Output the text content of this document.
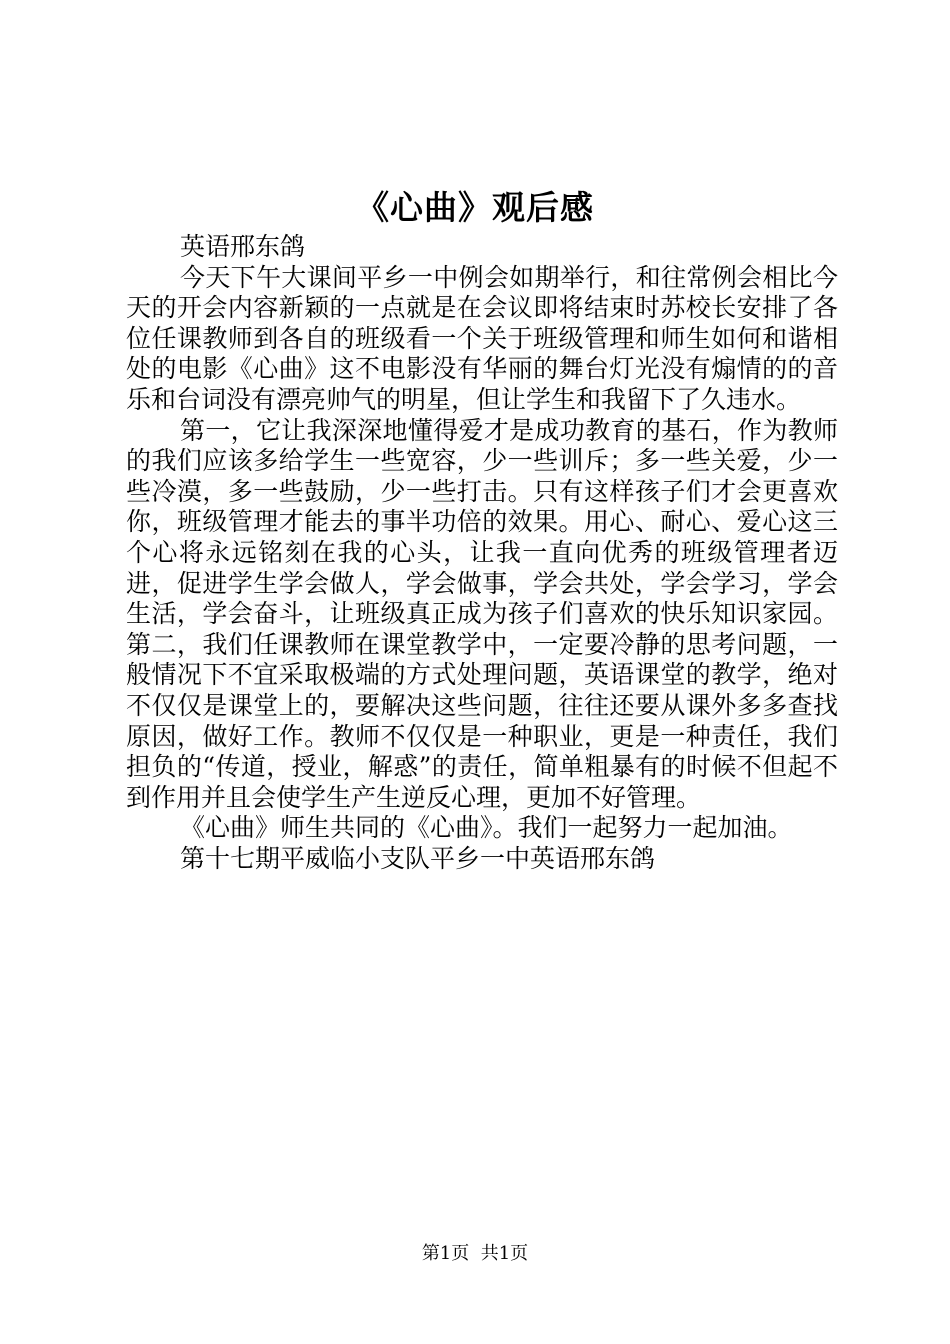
《心曲》观后感

英语邢东鸽

今天下午大课间平乡一中例会如期举行，和往常例会相比今天的开会内容新颖的一点就是在会议即将结束时苏校长安排了各位任课教师到各自的班级看一个关于班级管理和师生如何和谐相处的电影《心曲》这不电影没有华丽的舞台灯光没有煽情的的音乐和台词没有漂亮帅气的明星，但让学生和我留下了久违水。

第一，它让我深深地懂得爱才是成功教育的基石，作为教师的我们应该多给学生一些宽容，少一些训斥；多一些关爱，少一些冷漠，多一些鼓励，少一些打击。只有这样孩子们才会更喜欢你，班级管理才能去的事半功倍的效果。用心、耐心、爱心这三个心将永远铭刻在我的心头，让我一直向优秀的班级管理者迈进，促进学生学会做人，学会做事，学会共处，学会学习，学会生活，学会奋斗，让班级真正成为孩子们喜欢的快乐知识家园。第二，我们任课教师在课堂教学中，一定要冷静的思考问题，一般情况下不宜采取极端的方式处理问题，英语课堂的教学，绝对不仅仅是课堂上的，要解决这些问题，往往还要从课外多多查找原因，做好工作。教师不仅仅是一种职业，更是一种责任，我们担负的“传道，授业，解惑”的责任，简单粗暴有的时候不但起不到作用并且会使学生产生逆反心理，更加不好管理。

《心曲》师生共同的《心曲》。我们一起努力一起加油。

第十七期平威临小支队平乡一中英语邢东鸽

第1页  共1页
